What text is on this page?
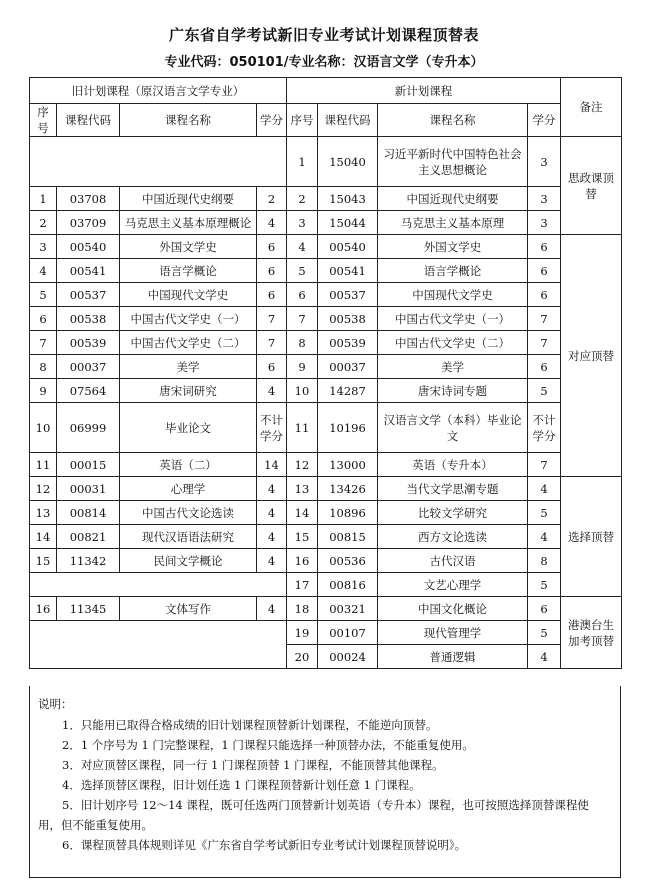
广东省自学考试新旧专业考试计划课程顶替表
专业代码：050101/专业名称：汉语言文学（专升本）
旧计划课程（原汉语言文学专业）				新计划课程				备注
序号	课程代码	课程名称	学分	序号	课程代码	课程名称	学分	
				1	15040	习近平新时代中国特色社会主义思想概论	3	思政课顶替
1	03708	中国近现代史纲要	2	2	15043	中国近现代史纲要	3	
2	03709	马克思主义基本原理概论	4	3	15044	马克思主义基本原理	3	
3	00540	外国文学史	6	4	00540	外国文学史	6	对应顶替
4	00541	语言学概论	6	5	00541	语言学概论	6	
5	00537	中国现代文学史	6	6	00537	中国现代文学史	6	
6	00538	中国古代文学史（一）	7	7	00538	中国古代文学史（一）	7	
7	00539	中国古代文学史（二）	7	8	00539	中国古代文学史（二）	7	
8	00037	美学	6	9	00037	美学	6	
9	07564	唐宋词研究	4	10	14287	唐宋诗词专题	5	
10	06999	毕业论文	不计学分	11	10196	汉语言文学（本科）毕业论文	不计学分	
11	00015	英语（二）	14	12	13000	英语（专升本）	7	
12	00031	心理学	4	13	13426	当代文学思潮专题	4	选择顶替
13	00814	中国古代文论选读	4	14	10896	比较文学研究	5	
14	00821	现代汉语语法研究	4	15	00815	西方文论选读	4	
15	11342	民间文学概论	4	16	00536	古代汉语	8	
				17	00816	文艺心理学	5	
16	11345	文体写作	4	18	00321	中国文化概论	6	港澳台生加考顶替
				19	00107	现代管理学	5	
				20	00024	普通逻辑	4	
说明：
1．只能用已取得合格成绩的旧计划课程顶替新计划课程，不能逆向顶替。
2．1 个序号为 1 门完整课程，1 门课程只能选择一种顶替办法，不能重复使用。
3．对应顶替区课程，同一行 1 门课程顶替 1 门课程，不能顶替其他课程。
4．选择顶替区课程，旧计划任选 1 门课程顶替新计划任意 1 门课程。
5．旧计划序号 12～14 课程，既可任选两门顶替新计划英语（专升本）课程，也可按照选择顶替课程使用，但不能重复使用。
6．课程顶替具体规则详见《广东省自学考试新旧专业考试计划课程顶替说明》。
